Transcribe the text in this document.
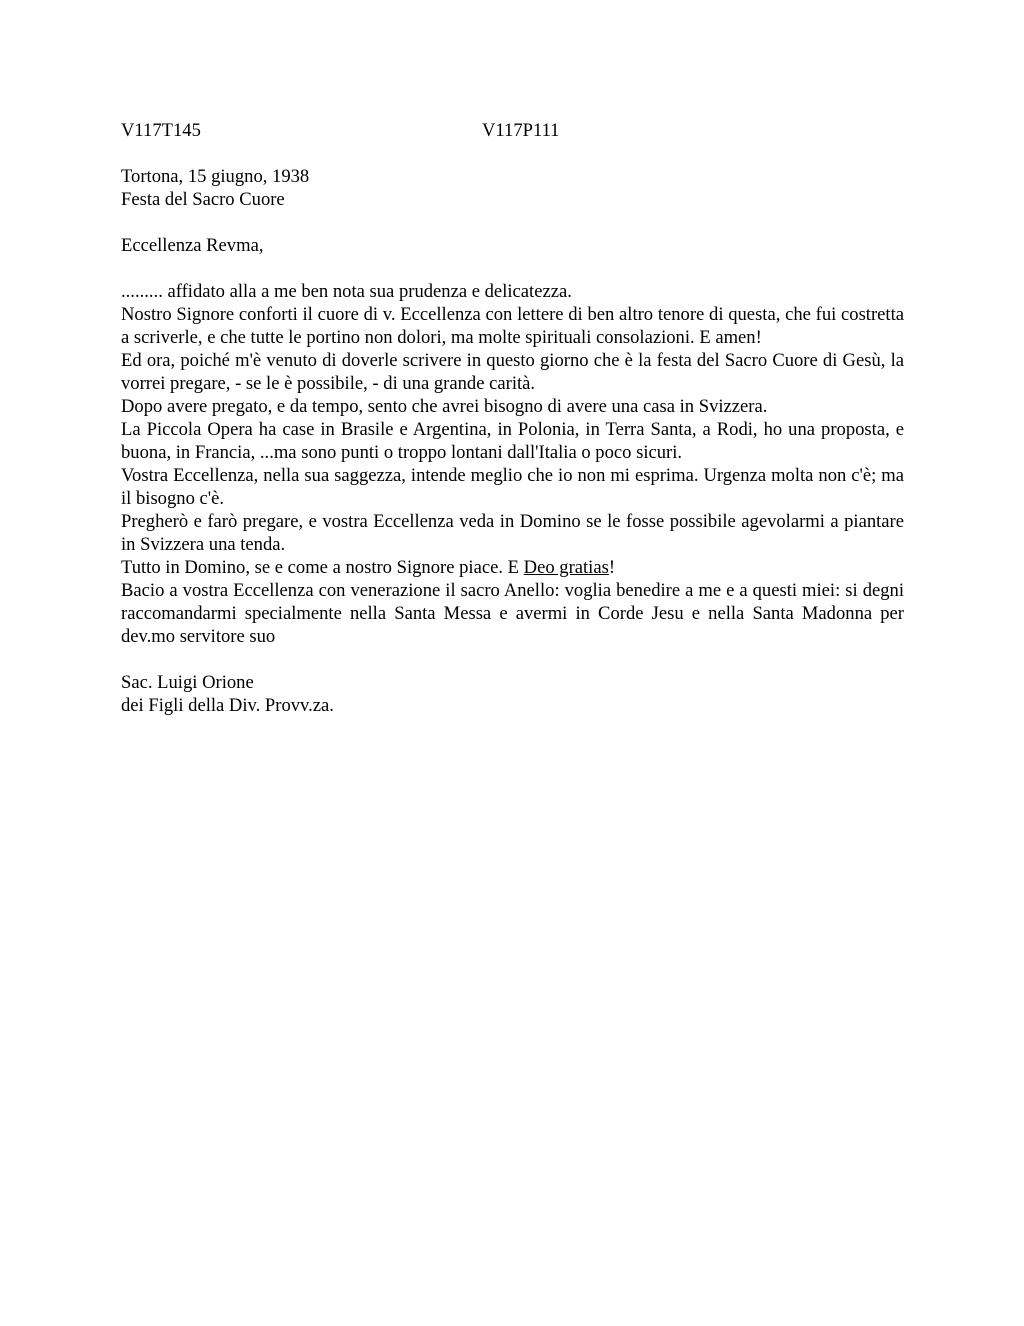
V117T145	V117P111
Tortona, 15 giugno, 1938
Festa del Sacro Cuore
Eccellenza Revma,

......... affidato alla a me ben nota sua prudenza e delicatezza.

Nostro Signore conforti il cuore di v. Eccellenza con lettere di ben altro tenore di questa, che fui costretta a scriverle, e che tutte le portino non dolori, ma molte spirituali consolazioni. E amen!

Ed ora, poiché m'è venuto di doverle scrivere in questo giorno che è la festa del Sacro Cuore di Gesù, la vorrei pregare, - se le è possibile, - di una grande carità.

Dopo avere pregato, e da tempo, sento che avrei bisogno di avere una casa in Svizzera.

La Piccola Opera ha case in Brasile e Argentina, in Polonia, in Terra Santa, a Rodi, ho una proposta, e buona, in Francia, ...ma sono punti o troppo lontani dall'Italia o poco sicuri.

Vostra Eccellenza, nella sua saggezza, intende meglio che io non mi esprima. Urgenza molta non c'è; ma il bisogno c'è.

Pregherò e farò pregare, e vostra Eccellenza veda in Domino se le fosse possibile agevolarmi a piantare in Svizzera una tenda.

Tutto in Domino, se e come a nostro Signore piace. E Deo gratias!

Bacio a vostra Eccellenza con venerazione il sacro Anello: voglia benedire a me e a questi miei: si degni raccomandarmi specialmente nella Santa Messa e avermi in Corde Jesu e nella Santa Madonna per dev.mo servitore suo

Sac. Luigi Orione
dei Figli della Div. Provv.za.
